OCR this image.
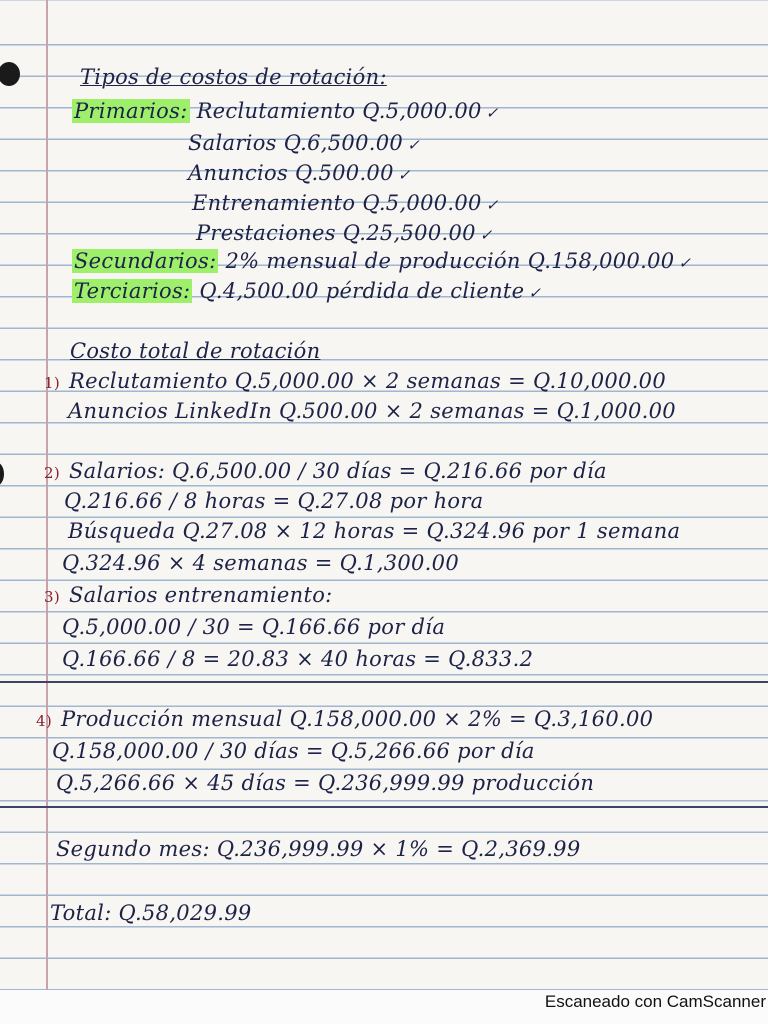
Tipos de costos de rotación:
Primarios: Reclutamiento Q.5,000.00 ✓
Salarios Q.6,500.00 ✓
Anuncios Q.500.00 ✓
Entrenamiento Q.5,000.00 ✓
Prestaciones Q.25,500.00 ✓
Secundarios: 2% mensual de producción Q.158,000.00 ✓
Terciarios: Q.4,500.00 pérdida de cliente ✓
Costo total de rotación
1) Reclutamiento Q.5,000.00 × 2 semanas = Q.10,000.00
Anuncios LinkedIn Q.500.00 × 2 semanas = Q.1,000.00
2) Salarios: Q.6,500.00 / 30 días = Q.216.66 por día
Q.216.66 / 8 horas = Q.27.08 por hora
Búsqueda Q.27.08 × 12 horas = Q.324.96 por 1 semana
Q.324.96 × 4 semanas = Q.1,300.00
3) Salarios entrenamiento:
Q.5,000.00 / 30 = Q.166.66 por día
Q.166.66 / 8 = 20.83 × 40 horas = Q.833.2
4) Producción mensual Q.158,000.00 × 2% = Q.3,160.00
Q.158,000.00 / 30 días = Q.5,266.66 por día
Q.5,266.66 × 45 días = Q.236,999.99 producción
Segundo mes: Q.236,999.99 × 1% = Q.2,369.99
Total: Q.58,029.99
Escaneado con CamScanner
